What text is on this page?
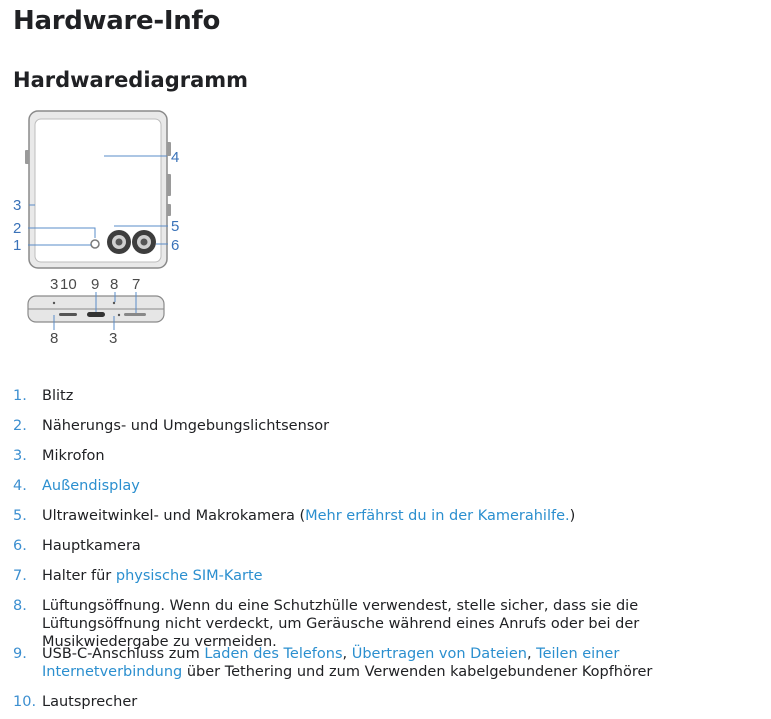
Hardware-Info
Hardwarediagramm
4
3
2
1
5
6
3 10 9 8 7
8	3
1. Blitz
2. Näherungs- und Umgebungslichtsensor
3. Mikrofon
4. Außendisplay
5. Ultraweitwinkel- und Makrokamera (Mehr erfährst du in der Kamerahilfe.)
6. Hauptkamera
7. Halter für physische SIM-Karte
8. Lüftungsöffnung. Wenn du eine Schutzhülle verwendest, stelle sicher, dass sie die Lüftungsöffnung nicht verdeckt, um Geräusche während eines Anrufs oder bei der Musikwiedergabe zu vermeiden.
9. USB-C-Anschluss zum Laden des Telefons, Übertragen von Dateien, Teilen einer Internetverbindung über Tethering und zum Verwenden kabelgebundener Kopfhörer
10. Lautsprecher
